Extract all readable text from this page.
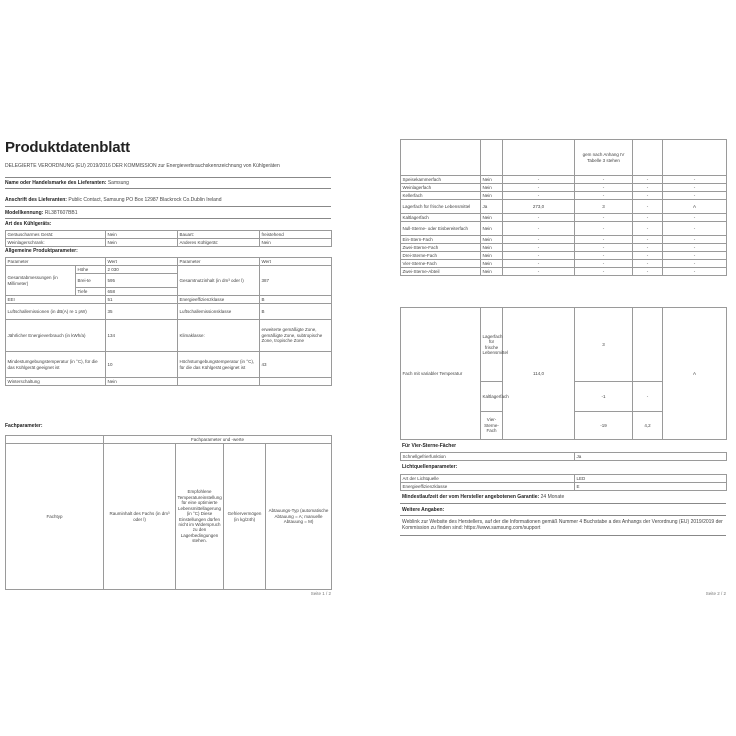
Produktdatenblatt
DELEGIERTE VERORDNUNG (EU) 2019/2016 DER KOMMISSION zur Energieverbrauchskennzeichnung von Kühlgeräten
Name oder Handelsmarke des Lieferanten: Samsung
Anschrift des Lieferanten: Public Contact, Samsung PO Box 12987 Blackrock Co.Dublin Ireland
Modellkennung: RL38T607BB1
Art des Kühlgeräts:
Geräuscharmes Gerät:	Nein	Bauart:	freistehend
Weinlagerschrank:	Nein	Anderes Kühlgerät:	Nein
Allgemeine Produktparameter:
Parameter		Wert	Parameter	Wert
Gesamtabmessungen (in Millimeter)	Höhe	2 030	Gesamtnutzinhalt (in dm³ oder l)	387
	Brei-te	595		
	Tiefe	658		
EEI		51	Energieeffizienzklasse	B
Luftschallemissionen (in dB(A) re 1 pW)		35	Luftschallemissionsklasse	B
Jährlicher Energieverbrauch (in kWh/a)		134	Klimaklasse:	erweiterte gemäßigte Zone, gemäßigte Zone, subtropische Zone, tropische Zone
Mindestumgebungstemperatur (in °C), für die das Kühlgerät geeignet ist		10	Höchstumgebungstemperatur (in °C), für die das Kühlgerät geeignet ist	43
Winterschaltung		Nein		
Fachparameter:
	Fachparameter und -werte			
Fachtyp	Rauminhalt des Fachs (in dm³ oder l)	Empfohlene Temperatureinstellung für eine optimierte Lebensmittellagerung (in °C) Diese Einstellungen dürfen nicht im Widerspruch zu den Lagerbedingungen stehen.	Gefriervermögen (in kg/24h)	Abtauungs-Typ (automatische Abtauung = A; manuelle Abtauung = M)
Seite 1 / 2
			gem nach Anhang IV Tabelle 3 stehen		
Speisekammerfach	Nein	-	-	-	-
Weinlagerfach	Nein	-	-	-	-
Kellerfach	Nein	-	-	-	-
Lagerfach für frische Lebensmittel	Ja	273,0	3	-	A
Kaltlagerfach	Nein	-	-	-	-
Null-Sterne- oder Eisbereiterfach	Nein	-	-	-	-
Ein-Stern-Fach	Nein	-	-	-	-
Zwei-Sterne-Fach	Nein	-	-	-	-
Drei-Sterne-Fach	Nein	-	-	-	-
Vier-Sterne-Fach	Nein	-	-	-	-
Zwei-Sterne-Abteil	Nein	-	-	-	-
Fach mit variabler Temperatur	Lagerfach für frische Lebensmittel	114,0	3		A
	Kaltlagerfach		-1	-	
	Vier-Sterne-Fach		-19	4,2	
Für Vier-Sterne-Fächer
Schnellgefrierfunktion	Ja
Lichtquellenparameter:
Art der Lichtquelle	LED
Energieeffizienzklasse	E
Mindestlaufzeit der vom Hersteller angebotenen Garantie: 24 Monate
Weitere Angaben:
Weblink zur Website des Herstellers, auf der die Informationen gemäß Nummer 4 Buchstabe a des Anhangs der Verordnung (EU) 2019/2019 der Kommission zu finden sind: https://www.samsung.com/support
Seite 2 / 2
